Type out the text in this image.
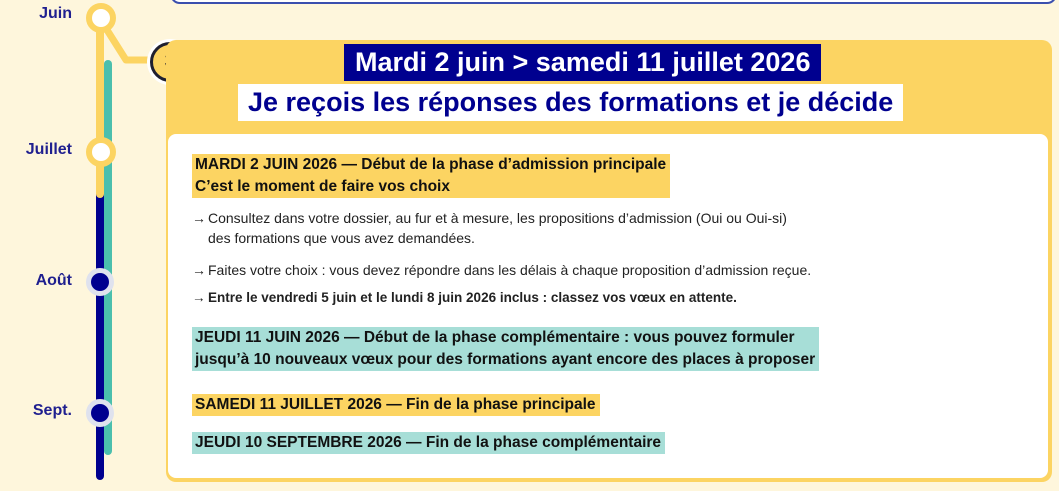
Juin
Juillet
Août
Sept.
Mardi 2 juin > samedi 11 juillet 2026
Je reçois les réponses des formations et je décide
MARDI 2 JUIN 2026 — Début de la phase d’admission principale
C’est le moment de faire vos choix
→ Consultez dans votre dossier, au fur et à mesure, les propositions d’admission (Oui ou Oui-si)
des formations que vous avez demandées.
→ Faites votre choix : vous devez répondre dans les délais à chaque proposition d’admission reçue.
→ Entre le vendredi 5 juin et le lundi 8 juin 2026 inclus : classez vos vœux en attente.
JEUDI 11 JUIN 2026 — Début de la phase complémentaire : vous pouvez formuler
jusqu’à 10 nouveaux vœux pour des formations ayant encore des places à proposer
SAMEDI 11 JUILLET 2026 — Fin de la phase principale
JEUDI 10 SEPTEMBRE 2026 — Fin de la phase complémentaire
